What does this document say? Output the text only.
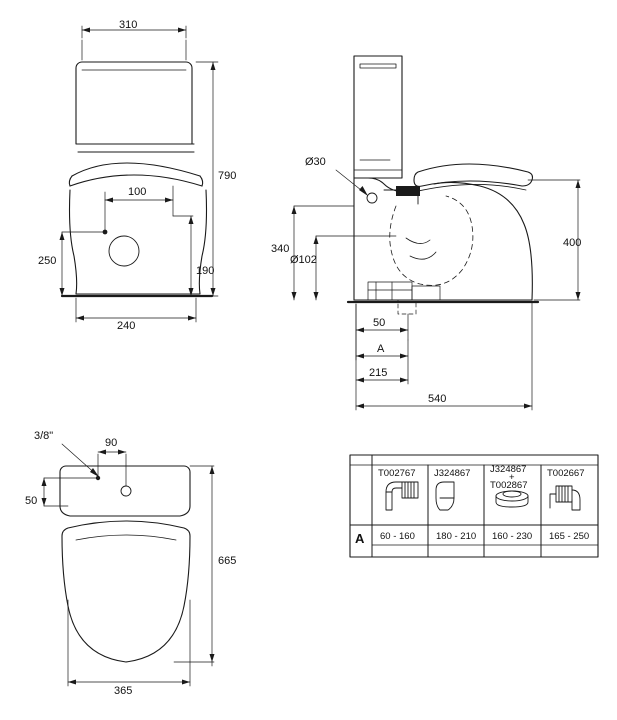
310
790
100
250
190
240
Ø30
340
Ø102
400
50
A
215
540
3/8"
90
50
665
365
T002767 J324867 J324867
+
T002867
T002667
A 60 - 160 180 - 210 160 - 230 165 - 250
